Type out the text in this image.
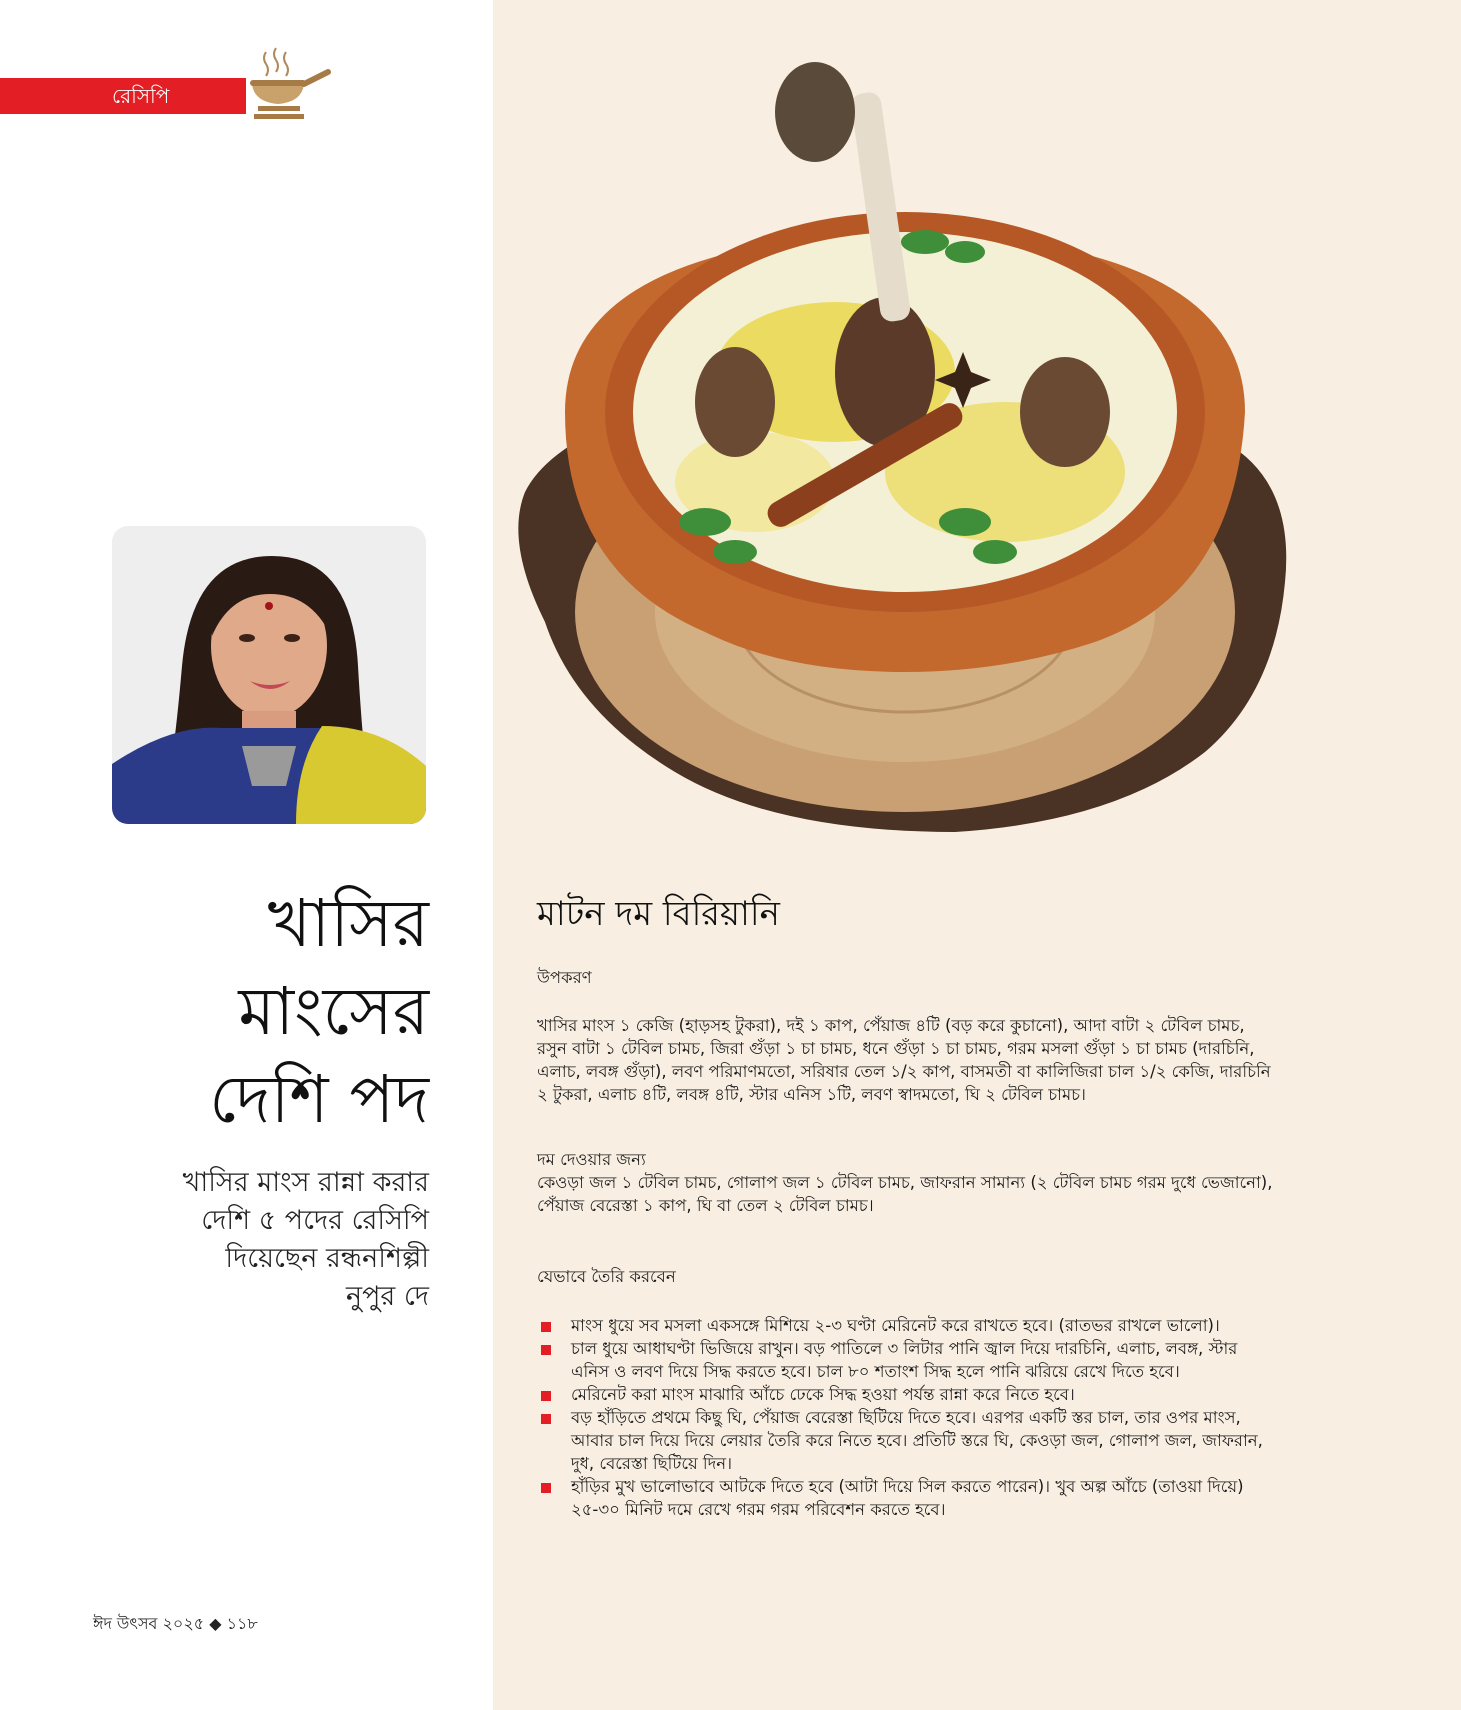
রেসিপি
খাসির
মাংসের
দেশি পদ
খাসির মাংস রান্না করার
দেশি ৫ পদের রেসিপি
দিয়েছেন রন্ধনশিল্পী
নুপুর দে
মাটন দম বিরিয়ানি
উপকরণ
খাসির মাংস ১ কেজি (হাড়সহ টুকরা), দই ১ কাপ, পেঁয়াজ ৪টি (বড় করে কুচানো), আদা বাটা ২ টেবিল চামচ, রসুন বাটা ১ টেবিল চামচ, জিরা গুঁড়া ১ চা চামচ, ধনে গুঁড়া ১ চা চামচ, গরম মসলা গুঁড়া ১ চা চামচ (দারচিনি, এলাচ, লবঙ্গ গুঁড়া), লবণ পরিমাণমতো, সরিষার তেল ১/২ কাপ, বাসমতী বা কালিজিরা চাল ১/২ কেজি, দারচিনি ২ টুকরা, এলাচ ৪টি, লবঙ্গ ৪টি, স্টার এনিস ১টি, লবণ স্বাদমতো, ঘি ২ টেবিল চামচ।
দম দেওয়ার জন্য
কেওড়া জল ১ টেবিল চামচ, গোলাপ জল ১ টেবিল চামচ, জাফরান সামান্য (২ টেবিল চামচ গরম দুধে ভেজানো), পেঁয়াজ বেরেস্তা ১ কাপ, ঘি বা তেল ২ টেবিল চামচ।
যেভাবে তৈরি করবেন
মাংস ধুয়ে সব মসলা একসঙ্গে মিশিয়ে ২-৩ ঘণ্টা মেরিনেট করে রাখতে হবে। (রাতভর রাখলে ভালো)।
চাল ধুয়ে আধাঘণ্টা ভিজিয়ে রাখুন। বড় পাতিলে ৩ লিটার পানি জ্বাল দিয়ে দারচিনি, এলাচ, লবঙ্গ, স্টার এনিস ও লবণ দিয়ে সিদ্ধ করতে হবে। চাল ৮০ শতাংশ সিদ্ধ হলে পানি ঝরিয়ে রেখে দিতে হবে।
মেরিনেট করা মাংস মাঝারি আঁচে ঢেকে সিদ্ধ হওয়া পর্যন্ত রান্না করে নিতে হবে।
বড় হাঁড়িতে প্রথমে কিছু ঘি, পেঁয়াজ বেরেস্তা ছিটিয়ে দিতে হবে। এরপর একটি স্তর চাল, তার ওপর মাংস, আবার চাল দিয়ে দিয়ে লেয়ার তৈরি করে নিতে হবে। প্রতিটি স্তরে ঘি, কেওড়া জল, গোলাপ জল, জাফরান, দুধ, বেরেস্তা ছিটিয়ে দিন।
হাঁড়ির মুখ ভালোভাবে আটকে দিতে হবে (আটা দিয়ে সিল করতে পারেন)। খুব অল্প আঁচে (তাওয়া দিয়ে) ২৫-৩০ মিনিট দমে রেখে গরম গরম পরিবেশন করতে হবে।
ঈদ উৎসব ২০২৫ ◆ ১১৮
